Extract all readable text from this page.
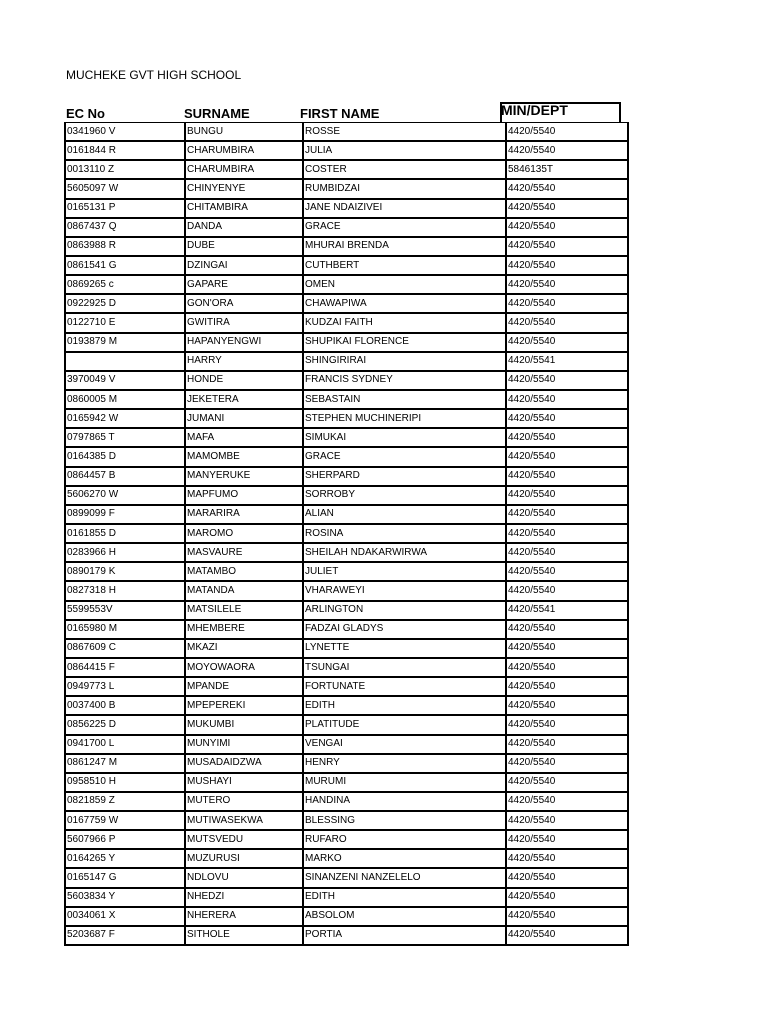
MUCHEKE GVT HIGH SCHOOL
EC No	SURNAME	FIRST NAME	MIN/DEPT
0341960 V	BUNGU	ROSSE	4420/5540
0161844 R	CHARUMBIRA	JULIA	4420/5540
0013110 Z	CHARUMBIRA	COSTER	5846135T
5605097 W	CHINYENYE	RUMBIDZAI	4420/5540
0165131 P	CHITAMBIRA	JANE NDAIZIVEI	4420/5540
0867437 Q	DANDA	GRACE	4420/5540
0863988 R	DUBE	MHURAI BRENDA	4420/5540
0861541 G	DZINGAI	CUTHBERT	4420/5540
0869265 c	GAPARE	OMEN	4420/5540
0922925 D	GON'ORA	CHAWAPIWA	4420/5540
0122710 E	GWITIRA	KUDZAI FAITH	4420/5540
0193879 M	HAPANYENGWI	SHUPIKAI FLORENCE	4420/5540
	HARRY	SHINGIRIRAI	4420/5541
3970049 V	HONDE	FRANCIS SYDNEY	4420/5540
0860005 M	JEKETERA	SEBASTAIN	4420/5540
0165942 W	JUMANI	STEPHEN MUCHINERIPI	4420/5540
0797865 T	MAFA	SIMUKAI	4420/5540
0164385 D	MAMOMBE	GRACE	4420/5540
0864457 B	MANYERUKE	SHERPARD	4420/5540
5606270 W	MAPFUMO	SORROBY	4420/5540
0899099 F	MARARIRA	ALIAN	4420/5540
0161855 D	MAROMO	ROSINA	4420/5540
0283966 H	MASVAURE	SHEILAH NDAKARWIRWA	4420/5540
0890179 K	MATAMBO	JULIET	4420/5540
0827318 H	MATANDA	VHARAWEYI	4420/5540
5599553V	MATSILELE	ARLINGTON	4420/5541
0165980 M	MHEMBERE	FADZAI GLADYS	4420/5540
0867609 C	MKAZI	LYNETTE	4420/5540
0864415 F	MOYOWAORA	TSUNGAI	4420/5540
0949773 L	MPANDE	FORTUNATE	4420/5540
0037400 B	MPEPEREKI	EDITH	4420/5540
0856225 D	MUKUMBI	PLATITUDE	4420/5540
0941700 L	MUNYIMI	VENGAI	4420/5540
0861247 M	MUSADAIDZWA	HENRY	4420/5540
0958510 H	MUSHAYI	MURUMI	4420/5540
0821859 Z	MUTERO	HANDINA	4420/5540
0167759 W	MUTIWASEKWA	BLESSING	4420/5540
5607966 P	MUTSVEDU	RUFARO	4420/5540
0164265 Y	MUZURUSI	MARKO	4420/5540
0165147 G	NDLOVU	SINANZENI NANZELELO	4420/5540
5603834 Y	NHEDZI	EDITH	4420/5540
0034061 X	NHERERA	ABSOLOM	4420/5540
5203687 F	SITHOLE	PORTIA	4420/5540
